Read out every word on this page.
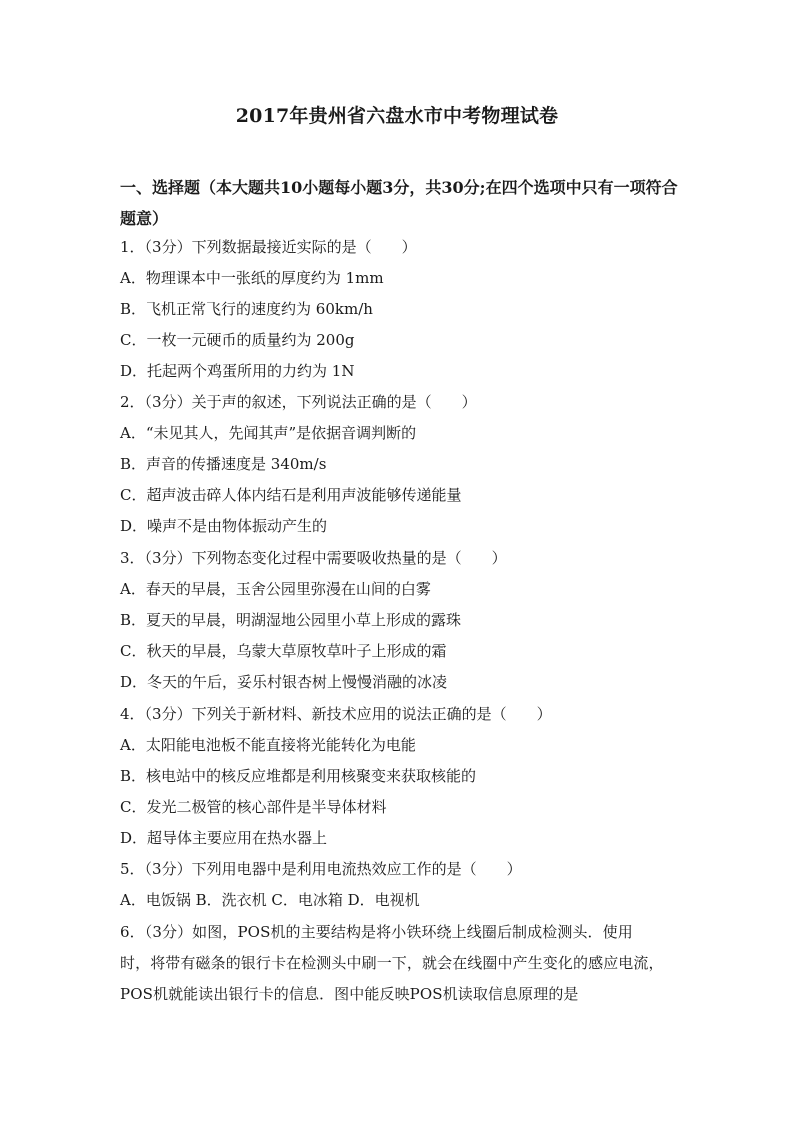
2017年贵州省六盘水市中考物理试卷
一、选择题（本大题共10小题每小题3分，共30分;在四个选项中只有一项符合题意）
1．（3分）下列数据最接近实际的是（　　）
A．物理课本中一张纸的厚度约为 1mm
B．飞机正常飞行的速度约为 60km/h
C．一枚一元硬币的质量约为 200g
D．托起两个鸡蛋所用的力约为 1N
2．（3分）关于声的叙述，下列说法正确的是（　　）
A．“未见其人，先闻其声”是依据音调判断的
B．声音的传播速度是 340m/s
C．超声波击碎人体内结石是利用声波能够传递能量
D．噪声不是由物体振动产生的
3．（3分）下列物态变化过程中需要吸收热量的是（　　）
A．春天的早晨，玉舍公园里弥漫在山间的白雾
B．夏天的早晨，明湖湿地公园里小草上形成的露珠
C．秋天的早晨，乌蒙大草原牧草叶子上形成的霜
D．冬天的午后，妥乐村银杏树上慢慢消融的冰凌
4．（3分）下列关于新材料、新技术应用的说法正确的是（　　）
A．太阳能电池板不能直接将光能转化为电能
B．核电站中的核反应堆都是利用核聚变来获取核能的
C．发光二极管的核心部件是半导体材料
D．超导体主要应用在热水器上
5．（3分）下列用电器中是利用电流热效应工作的是（　　）
A．电饭锅 B．洗衣机 C．电冰箱 D．电视机
6．（3分）如图，POS机的主要结构是将小铁环绕上线圈后制成检测头．使用
时，将带有磁条的银行卡在检测头中刷一下，就会在线圈中产生变化的感应电流，
POS机就能读出银行卡的信息．图中能反映POS机读取信息原理的是
